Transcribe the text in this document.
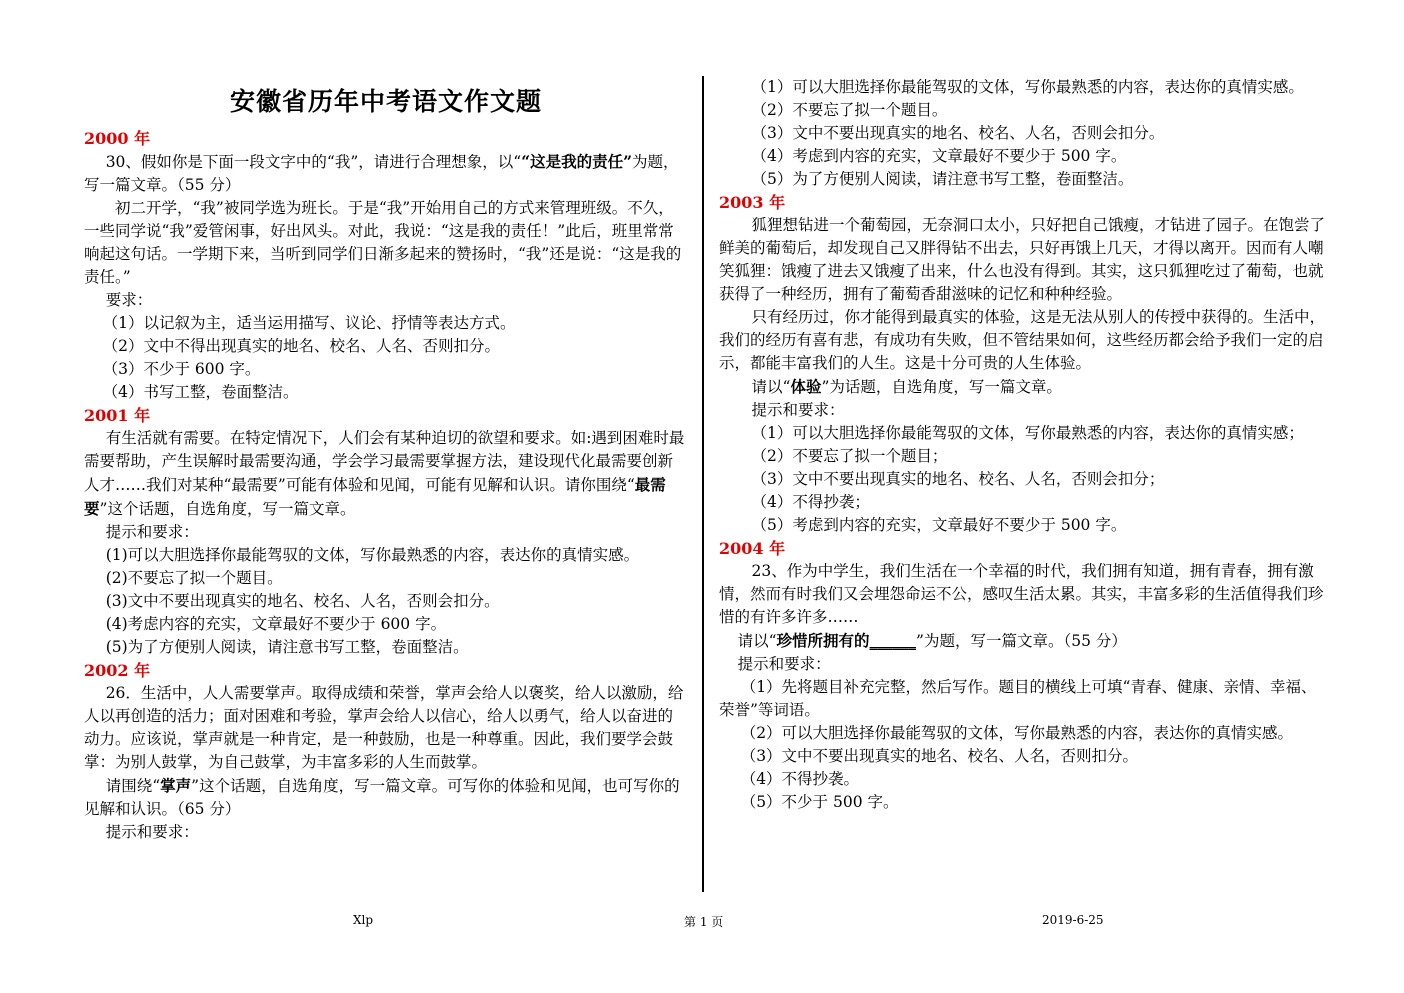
安徽省历年中考语文作文题

2000 年

30、假如你是下面一段文字中的“我”，请进行合理想象，以““这是我的责任”为题，写一篇文章。（55 分）

初二开学，“我”被同学选为班长。于是“我”开始用自己的方式来管理班级。不久，一些同学说“我”爱管闲事，好出风头。对此，我说：“这是我的责任！”此后，班里常常响起这句话。一学期下来，当听到同学们日渐多起来的赞扬时，“我”还是说：“这是我的责任。”

要求：

（1）以记叙为主，适当运用描写、议论、抒情等表达方式。

（2）文中不得出现真实的地名、校名、人名、否则扣分。

（3）不少于 600 字。

（4）书写工整，卷面整洁。

2001 年

有生活就有需要。在特定情况下，人们会有某种迫切的欲望和要求。如:遇到困难时最需要帮助，产生误解时最需要沟通，学会学习最需要掌握方法，建设现代化最需要创新人才……我们对某种“最需要”可能有体验和见闻，可能有见解和认识。请你围绕“最需要”这个话题，自选角度，写一篇文章。

提示和要求：

(1)可以大胆选择你最能驾驭的文体，写你最熟悉的内容，表达你的真情实感。

(2)不要忘了拟一个题目。

(3)文中不要出现真实的地名、校名、人名，否则会扣分。

(4)考虑内容的充实，文章最好不要少于 600 字。

(5)为了方便别人阅读，请注意书写工整，卷面整洁。

2002 年

26．生活中，人人需要掌声。取得成绩和荣誉，掌声会给人以褒奖，给人以激励，给人以再创造的活力；面对困难和考验，掌声会给人以信心，给人以勇气，给人以奋进的动力。应该说，掌声就是一种肯定，是一种鼓励，也是一种尊重。因此，我们要学会鼓掌：为别人鼓掌，为自己鼓掌，为丰富多彩的人生而鼓掌。

请围绕“掌声”这个话题，自选角度，写一篇文章。可写你的体验和见闻，也可写你的见解和认识。（65 分）

提示和要求：

（1）可以大胆选择你最能驾驭的文体，写你最熟悉的内容，表达你的真情实感。

（2）不要忘了拟一个题目。

（3）文中不要出现真实的地名、校名、人名，否则会扣分。

（4）考虑到内容的充实，文章最好不要少于 500 字。

（5）为了方便别人阅读，请注意书写工整，卷面整洁。

2003 年

狐狸想钻进一个葡萄园，无奈洞口太小，只好把自己饿瘦，才钻进了园子。在饱尝了鲜美的葡萄后，却发现自己又胖得钻不出去，只好再饿上几天，才得以离开。因而有人嘲笑狐狸：饿瘦了进去又饿瘦了出来，什么也没有得到。其实，这只狐狸吃过了葡萄，也就获得了一种经历，拥有了葡萄香甜滋味的记忆和种种经验。

只有经历过，你才能得到最真实的体验，这是无法从别人的传授中获得的。生活中，我们的经历有喜有悲，有成功有失败，但不管结果如何，这些经历都会给予我们一定的启示，都能丰富我们的人生。这是十分可贵的人生体验。

请以“体验”为话题，自选角度，写一篇文章。

提示和要求：

（1）可以大胆选择你最能驾驭的文体，写你最熟悉的内容，表达你的真情实感；

（2）不要忘了拟一个题目；

（3）文中不要出现真实的地名、校名、人名，否则会扣分；

（4）不得抄袭；

（5）考虑到内容的充实，文章最好不要少于 500 字。

2004 年

23、作为中学生，我们生活在一个幸福的时代，我们拥有知道，拥有青春，拥有激情，然而有时我们又会埋怨命运不公，感叹生活太累。其实，丰富多彩的生活值得我们珍惜的有许多许多……

请以“珍惜所拥有的______”为题，写一篇文章。（55 分）

提示和要求：

（1）先将题目补充完整，然后写作。题目的横线上可填“青春、健康、亲情、幸福、荣誉”等词语。

（2）可以大胆选择你最能驾驭的文体，写你最熟悉的内容，表达你的真情实感。

（3）文中不要出现真实的地名、校名、人名，否则扣分。

（4）不得抄袭。

（5）不少于 500 字。

Xlp	第 1 页	2019-6-25
